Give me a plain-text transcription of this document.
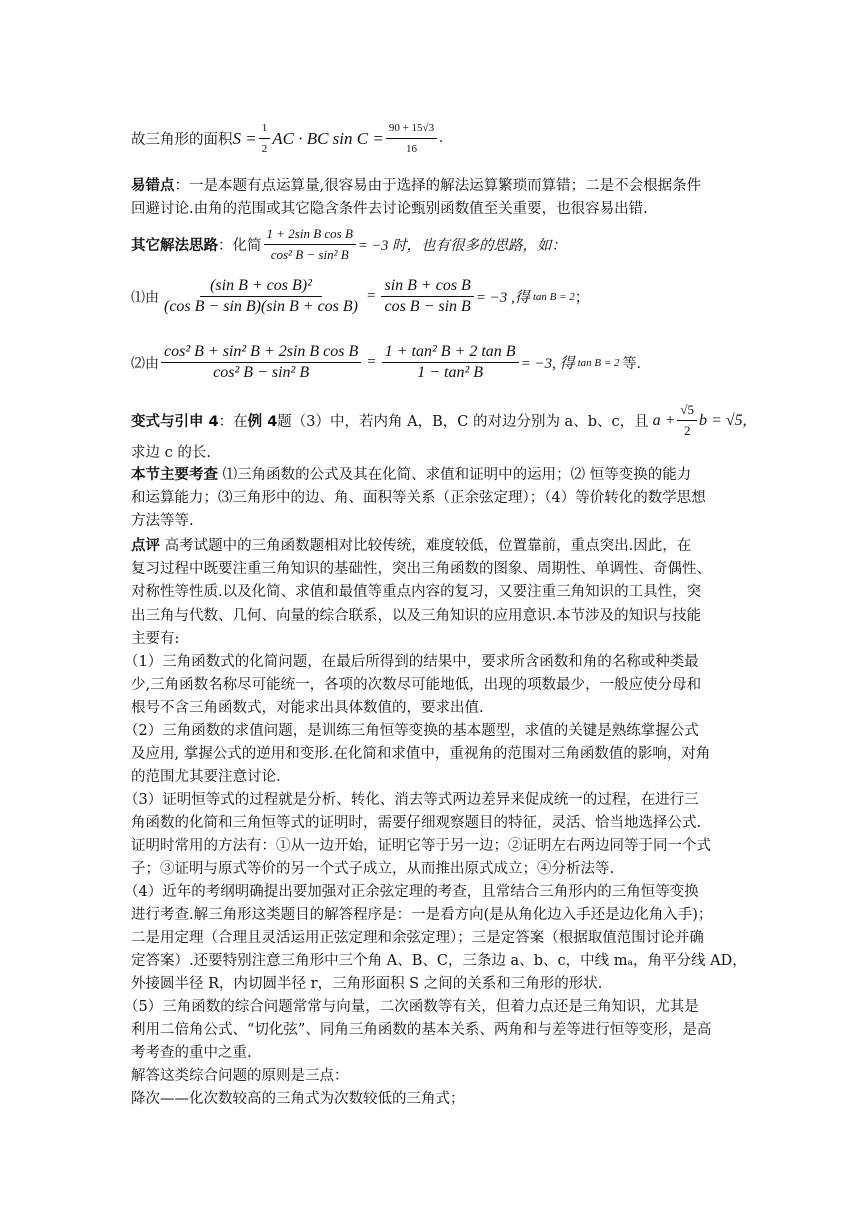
故三角形的面积 $S = \frac{1}{2}$ AC · BC $\sin C = \frac{90 + 15√3}{16}$ .
易错点：一是本题有点运算量,很容易由于选择的解法运算繁琐而算错；二是不会根据条件
回避讨论.由角的范围或其它隐含条件去讨论甄别函数值至关重要，也很容易出错.
其它解法思路 ：化简 $\frac{\text{1 + 2sin B cos B}}{\text{cos² B − sin² B}} = -3$ 时，也有很多的思路，如：
⑴由 $\frac{\text{(sin B + cos B)²}}{\text{(cos B − sin B)(sin B + cos B)}} = \frac{\text{sin B + cos B}}{\text{cos B − sin B}} = -3$ ,得 tan B = 2 ；
⑵由 $\frac{\text{cos² B + sin² B + 2sin B cos B}}{\text{cos² B − sin² B}} = \frac{\text{1 + tan² B + 2 tan B}}{\text{1 − tan² B}} = -3$, 得 tan B = 2 等.
变式与引申 4 ：在 例 4 题（3）中，若内角 A，B，C 的对边分别为 a、b、c，且 $a + \frac{√5}{2}$ b = √5,
求边 c 的长.
本节主要考查 ⑴三角函数的公式及其在化简、求值和证明中的运用；⑵ 恒等变换的能力
和运算能力；⑶三角形中的边、角、面积等关系（正余弦定理）；（4）等价转化的数学思想
方法等等.
点评 高考试题中的三角函数题相对比较传统，难度较低，位置靠前，重点突出.因此，在
复习过程中既要注重三角知识的基础性，突出三角函数的图象、周期性、单调性、奇偶性、
对称性等性质.以及化简、求值和最值等重点内容的复习，又要注重三角知识的工具性，突
出三角与代数、几何、向量的综合联系，以及三角知识的应用意识.本节涉及的知识与技能
主要有:
（1）三角函数式的化简问题，在最后所得到的结果中，要求所含函数和角的名称或种类最
少,三角函数名称尽可能统一，各项的次数尽可能地低，出现的项数最少，一般应使分母和
根号不含三角函数式，对能求出具体数值的，要求出值.
（2）三角函数的求值问题，是训练三角恒等变换的基本题型，求值的关键是熟练掌握公式
及应用, 掌握公式的逆用和变形.在化简和求值中，重视角的范围对三角函数值的影响，对角
的范围尤其要注意讨论.
（3）证明恒等式的过程就是分析、转化、消去等式两边差异来促成统一的过程，在进行三
角函数的化简和三角恒等式的证明时，需要仔细观察题目的特征，灵活、恰当地选择公式.
证明时常用的方法有：①从一边开始，证明它等于另一边；②证明左右两边同等于同一个式
子；③证明与原式等价的另一个式子成立，从而推出原式成立；④分析法等.
（4）近年的考纲明确提出要加强对正余弦定理的考查，且常结合三角形内的三角恒等变换
进行考查.解三角形这类题目的解答程序是：一是看方向(是从角化边入手还是边化角入手)；
二是用定理（合理且灵活运用正弦定理和余弦定理）；三是定答案（根据取值范围讨论并确
定答案）.还要特别注意三角形中三个角 A、B、C，三条边 a、b、c，中线 mₐ，角平分线 AD，
外接圆半径 R，内切圆半径 r，三角形面积 S 之间的关系和三角形的形状.
（5）三角函数的综合问题常常与向量，二次函数等有关，但着力点还是三角知识，尤其是
利用二倍角公式、“切化弦”、同角三角函数的基本关系、两角和与差等进行恒等变形，是高
考考查的重中之重.
解答这类综合问题的原则是三点：
降次——化次数较高的三角式为次数较低的三角式；
